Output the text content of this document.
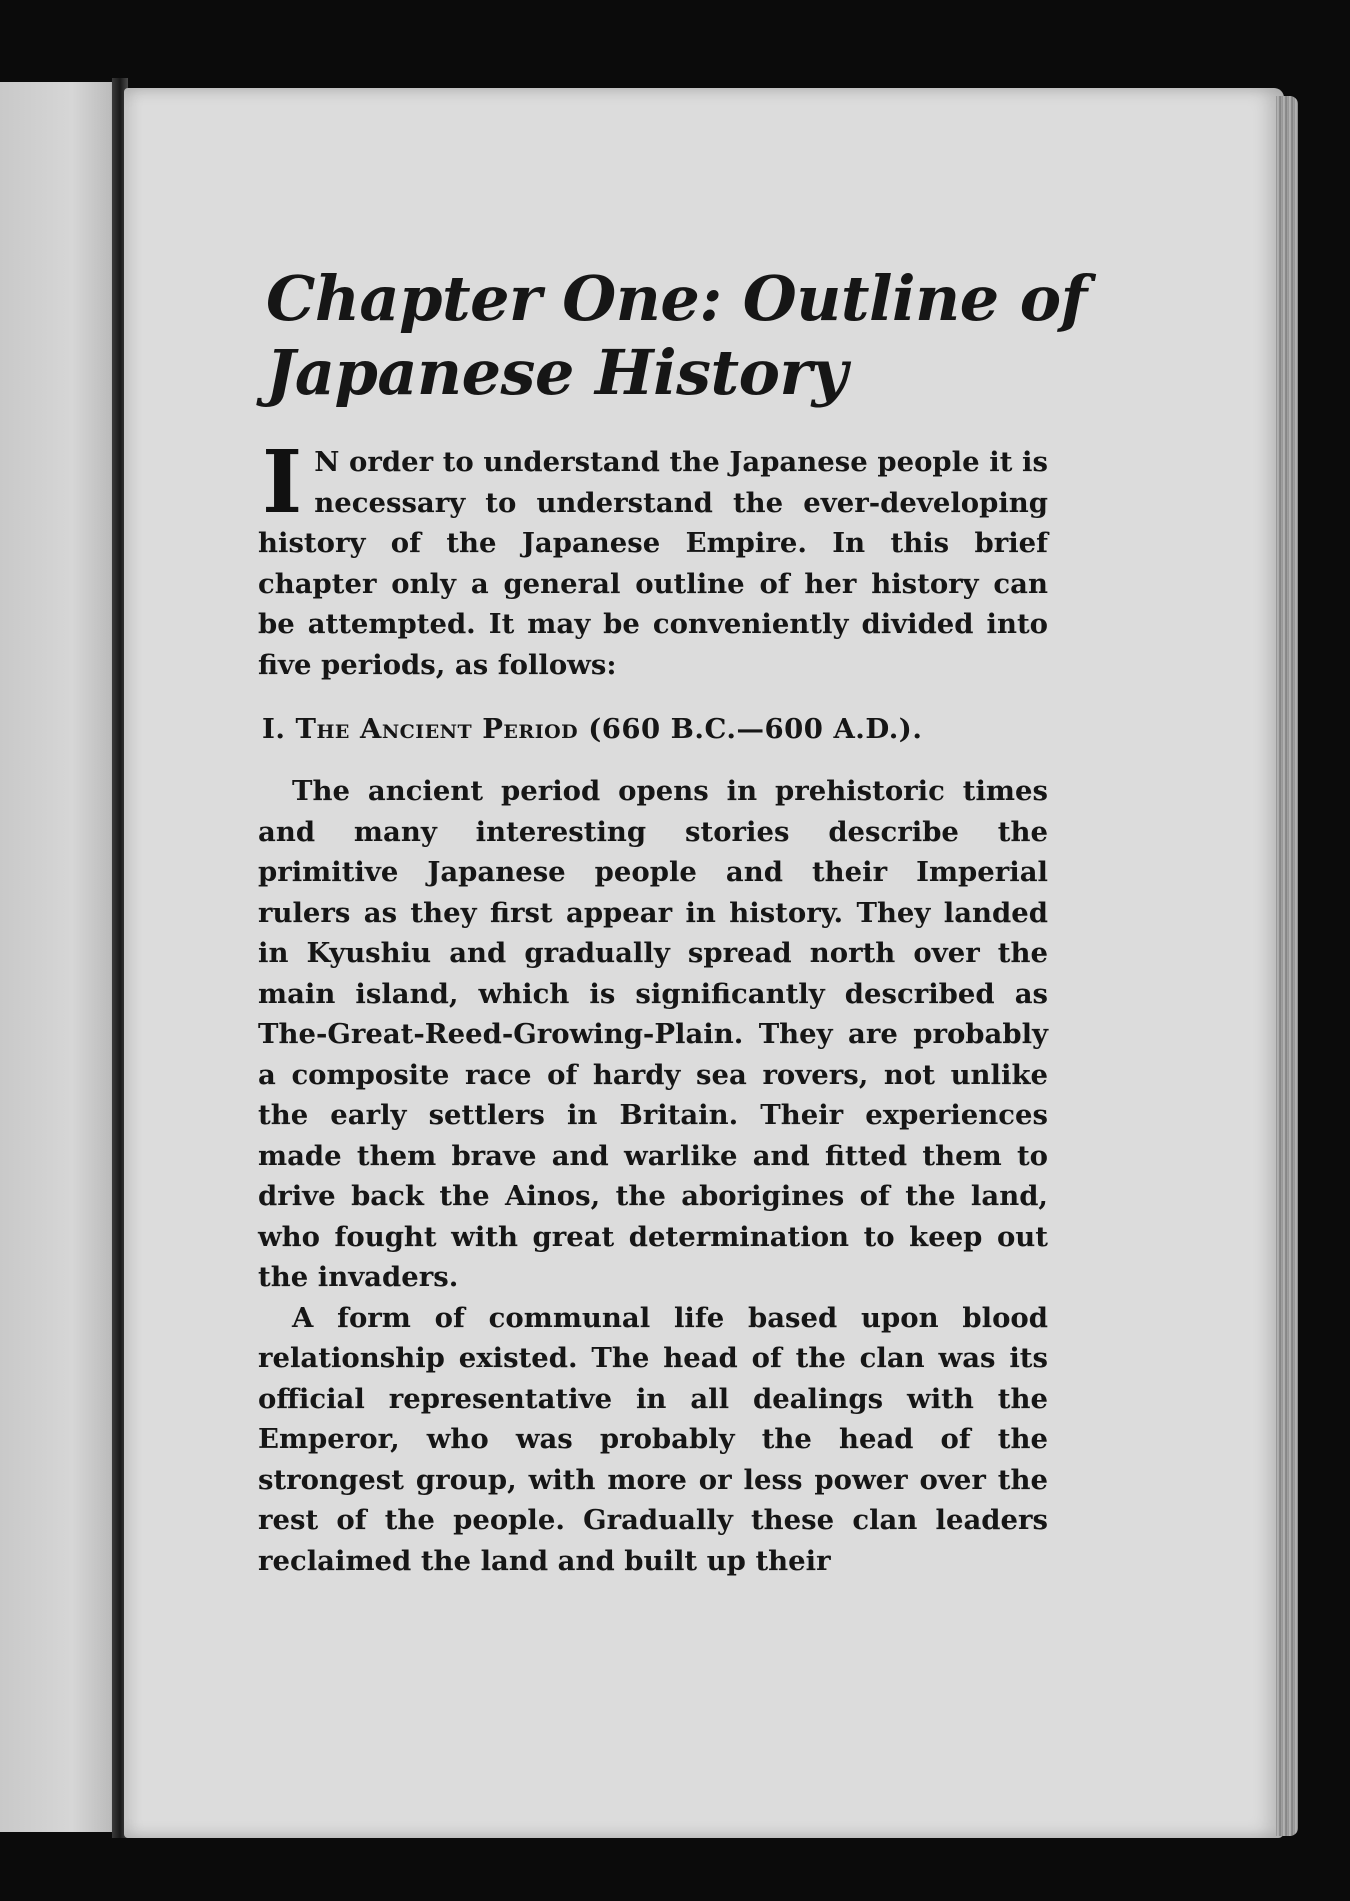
Chapter One: Outline of
Japanese History

I N order to understand the Japanese people it is necessary to understand the ever-developing history of the Japanese Empire. In this brief chapter only a general outline of her history can be attempted. It may be conveniently divided into five periods, as follows:

I. The Ancient Period (660 B.C.—600 A.D.).

The ancient period opens in prehistoric times and many interesting stories describe the primitive Japanese people and their Imperial rulers as they first appear in history. They landed in Kyushiu and gradually spread north over the main island, which is significantly described as The-Great-Reed-Growing-Plain. They are probably a composite race of hardy sea rovers, not unlike the early settlers in Britain. Their experiences made them brave and warlike and fitted them to drive back the Ainos, the aborigines of the land, who fought with great determination to keep out the invaders.

A form of communal life based upon blood relationship existed. The head of the clan was its official representative in all dealings with the Emperor, who was probably the head of the strongest group, with more or less power over the rest of the people. Gradually these clan leaders reclaimed the land and built up their
